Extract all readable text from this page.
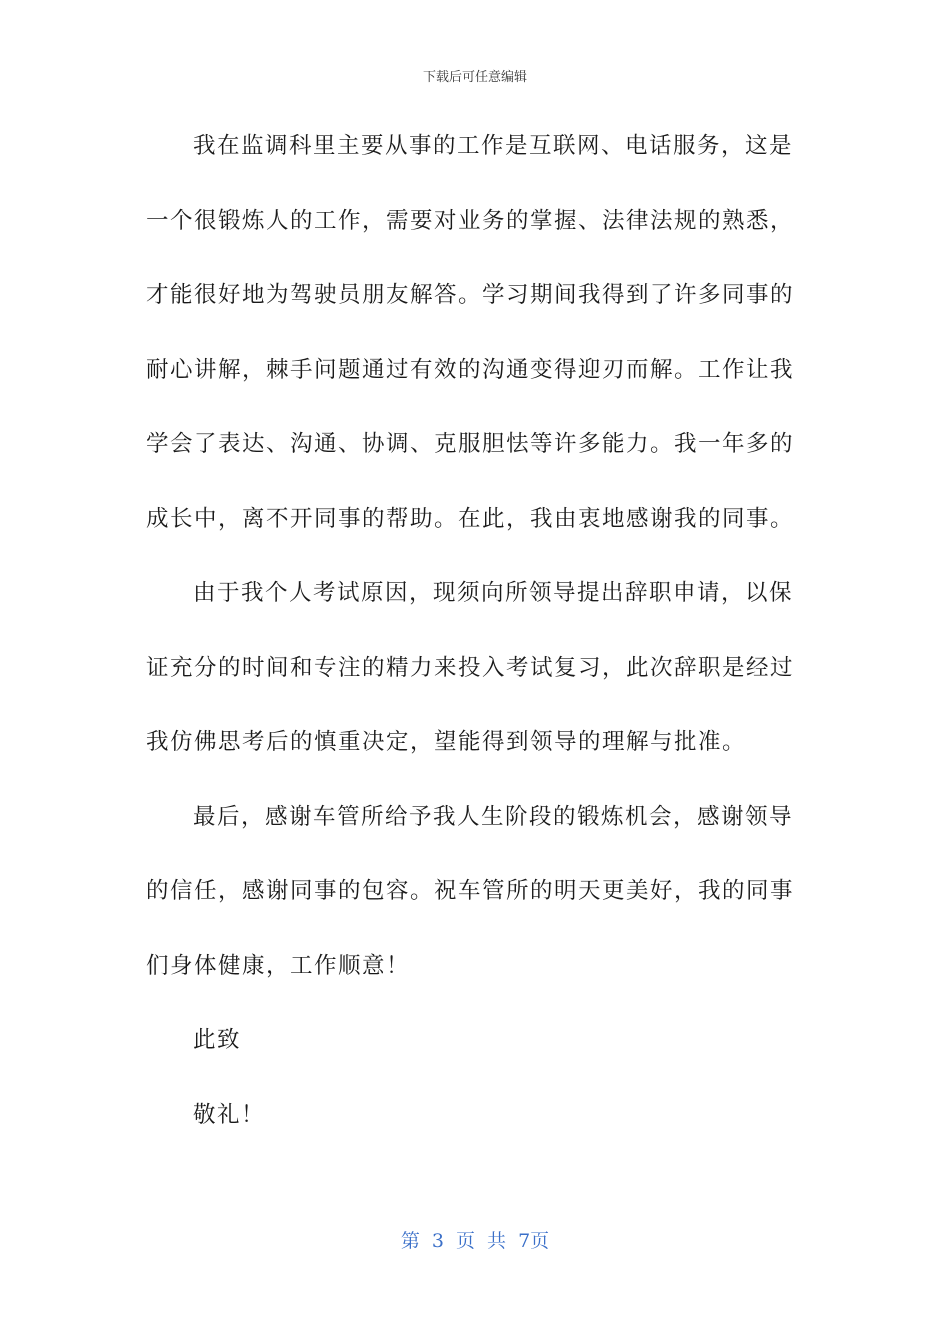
下载后可任意编辑
我在监调科里主要从事的工作是互联网、电话服务，这是
一个很锻炼人的工作，需要对业务的掌握、法律法规的熟悉，
才能很好地为驾驶员朋友解答。学习期间我得到了许多同事的
耐心讲解，棘手问题通过有效的沟通变得迎刃而解。工作让我
学会了表达、沟通、协调、克服胆怯等许多能力。我一年多的
成长中，离不开同事的帮助。在此，我由衷地感谢我的同事。
由于我个人考试原因，现须向所领导提出辞职申请，以保
证充分的时间和专注的精力来投入考试复习，此次辞职是经过
我仿佛思考后的慎重决定，望能得到领导的理解与批准。
最后，感谢车管所给予我人生阶段的锻炼机会，感谢领导
的信任，感谢同事的包容。祝车管所的明天更美好，我的同事
们身体健康，工作顺意！
此致
敬礼！
第 3 页 共 7页
